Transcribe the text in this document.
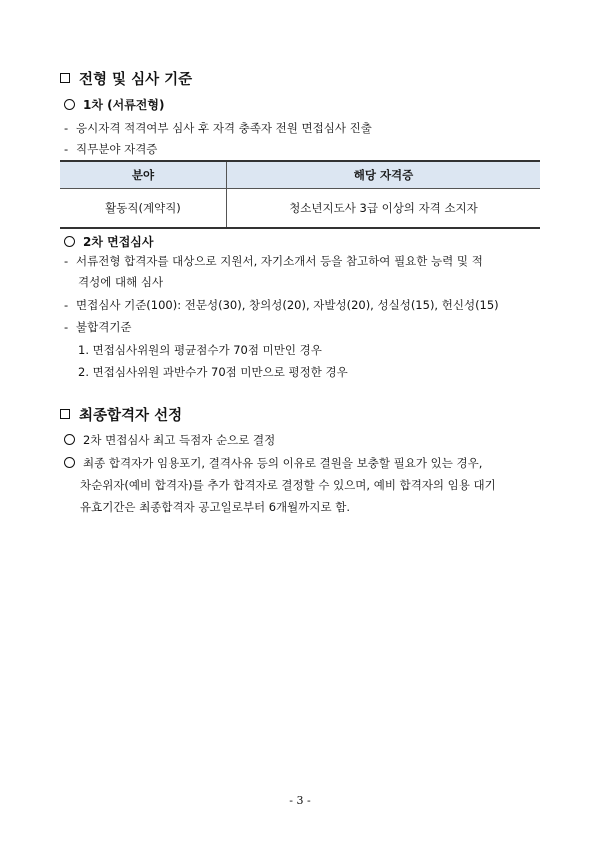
전형 및 심사 기준
1차 (서류전형)
- 응시자격 적격여부 심사 후 자격 충족자 전원 면접심사 진출
- 직무분야 자격증
분야	해당 자격증
활동직(계약직)	청소년지도사 3급 이상의 자격 소지자
2차 면접심사
- 서류전형 합격자를 대상으로 지원서, 자기소개서 등을 참고하여 필요한 능력 및 적
격성에 대해 심사
- 면접심사 기준(100): 전문성(30), 창의성(20), 자발성(20), 성실성(15), 헌신성(15)
- 불합격기준
1. 면접심사위원의 평균점수가 70점 미만인 경우
2. 면접심사위원 과반수가 70점 미만으로 평정한 경우
최종합격자 선정
2차 면접심사 최고 득점자 순으로 결정
최종 합격자가 임용포기, 결격사유 등의 이유로 결원을 보충할 필요가 있는 경우,
차순위자(예비 합격자)를 추가 합격자로 결정할 수 있으며, 예비 합격자의 임용 대기
유효기간은 최종합격자 공고일로부터 6개월까지로 함.
- 3 -
